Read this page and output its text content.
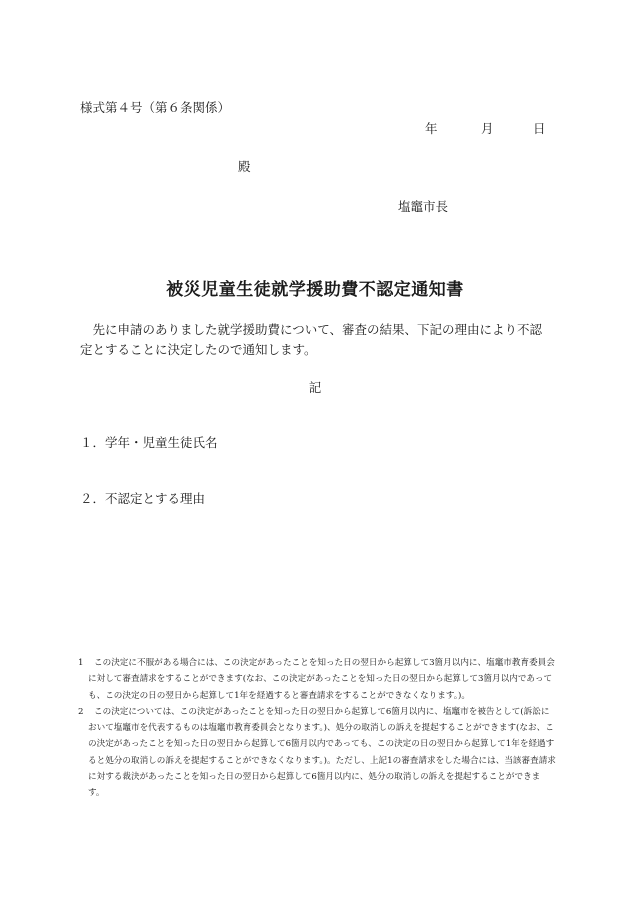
様式第４号（第６条関係）
年	月	日
殿
塩竈市長
被災児童生徒就学援助費不認定通知書
先に申請のありました就学援助費について、審査の結果、下記の理由により不認定とすることに決定したので通知します。
記
１．学年・児童生徒氏名
２．不認定とする理由

1	この決定に不服がある場合には、この決定があったことを知った日の翌日から起算して3箇月以内に、塩竈市教育委員会に対して審査請求をすることができます(なお、この決定があったことを知った日の翌日から起算して3箇月以内であっても、この決定の日の翌日から起算して1年を経過すると審査請求をすることができなくなります。)。

2	この決定については、この決定があったことを知った日の翌日から起算して6箇月以内に、塩竈市を被告として(訴訟において塩竈市を代表するものは塩竈市教育委員会となります。)、処分の取消しの訴えを提起することができます(なお、この決定があったことを知った日の翌日から起算して6箇月以内であっても、この決定の日の翌日から起算して1年を経過すると処分の取消しの訴えを提起することができなくなります。)。ただし、上記1の審査請求をした場合には、当該審査請求に対する裁決があったことを知った日の翌日から起算して6箇月以内に、処分の取消しの訴えを提起することができます。
